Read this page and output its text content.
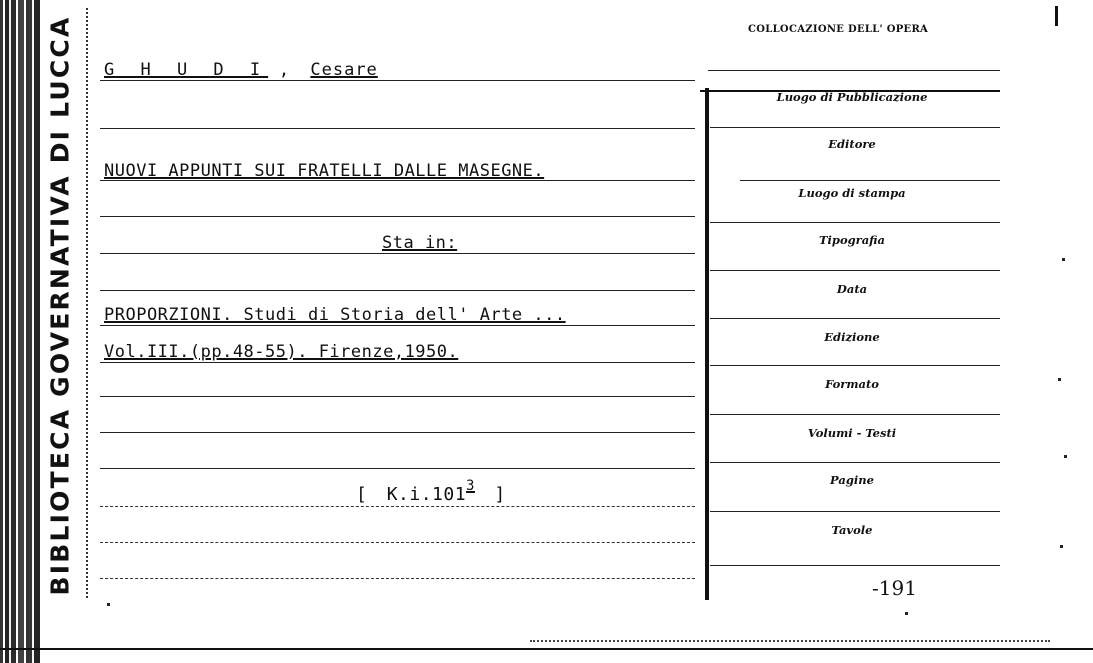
BIBLIOTECA GOVERNATIVA DI LUCCA G H U D I , Cesare
NUOVI APPUNTI SUI FRATELLI DALLE MASEGNE.
Sta in:
PROPORZIONI. Studi di Storia dell' Arte ...
Vol.III.(pp.48-55). Firenze,1950.
[ K.i.101$^3$ ]
COLLOCAZIONE DELL' OPERA
Luogo di Pubblicazione
Editore
Luogo di stampa
Tipografia
Data
Edizione
Formato
Volumi - Testi
Pagine
Tavole
-191
